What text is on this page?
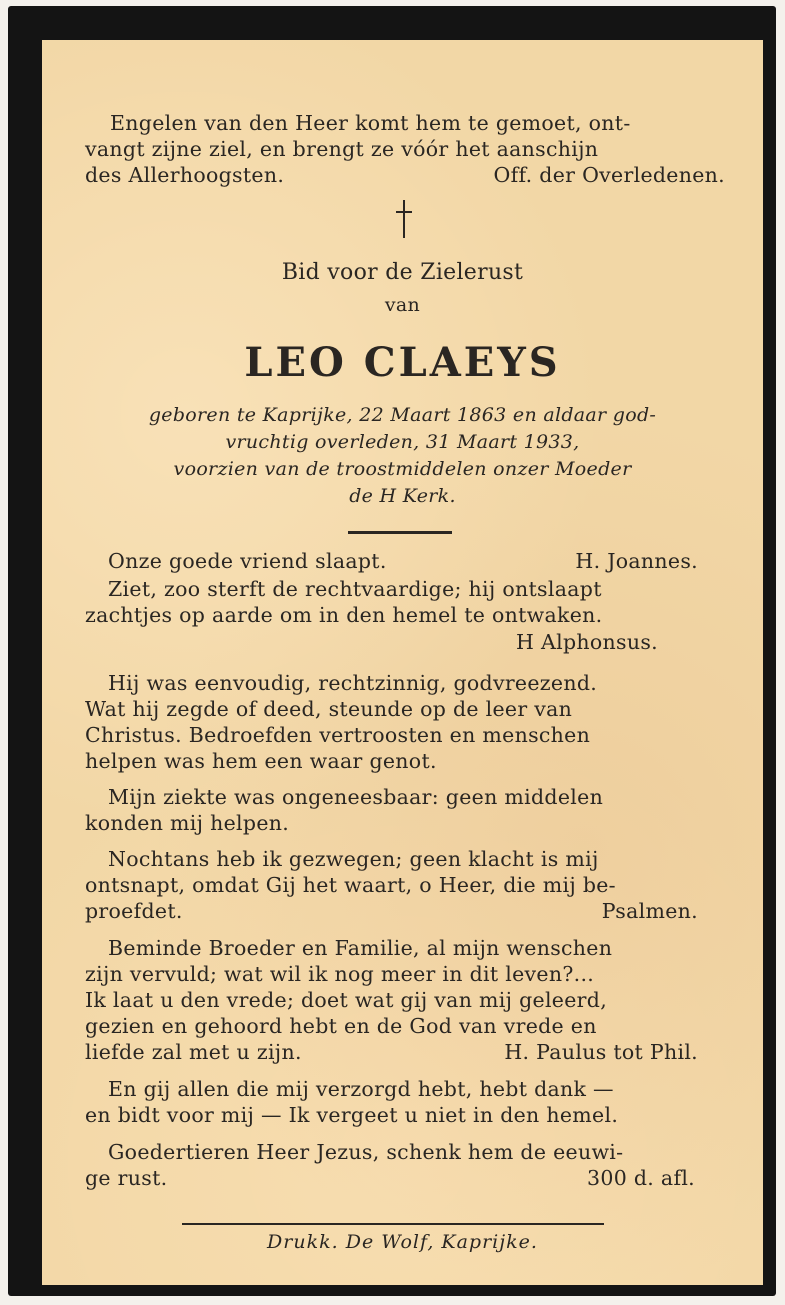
Engelen van den Heer komt hem te gemoet, ont-
vangt zijne ziel, en brengt ze vóór het aanschijn
des Allerhoogsten.	Off. der Overledenen.
Bid voor de Zielerust
van
LEO CLAEYS
geboren te Kaprijke, 22 Maart 1863 en aldaar god-
vruchtig overleden, 31 Maart 1933,
voorzien van de troostmiddelen onzer Moeder
de H Kerk.
Onze goede vriend slaapt.	H. Joannes.
Ziet, zoo sterft de rechtvaardige; hij ontslaapt
zachtjes op aarde om in den hemel te ontwaken.
H Alphonsus.
Hij was eenvoudig, rechtzinnig, godvreezend.
Wat hij zegde of deed, steunde op de leer van
Christus. Bedroefden vertroosten en menschen
helpen was hem een waar genot.
Mijn ziekte was ongeneesbaar: geen middelen
konden mij helpen.
Nochtans heb ik gezwegen; geen klacht is mij
ontsnapt, omdat Gij het waart, o Heer, die mij be-
proefdet.	Psalmen.
Beminde Broeder en Familie, al mijn wenschen
zijn vervuld; wat wil ik nog meer in dit leven?...
Ik laat u den vrede; doet wat gij van mij geleerd,
gezien en gehoord hebt en de God van vrede en
liefde zal met u zijn.	H. Paulus tot Phil.
En gij allen die mij verzorgd hebt, hebt dank —
en bidt voor mij — Ik vergeet u niet in den hemel.
Goedertieren Heer Jezus, schenk hem de eeuwi-
ge rust.	300 d. afl.
Drukk. De Wolf, Kaprijke.
